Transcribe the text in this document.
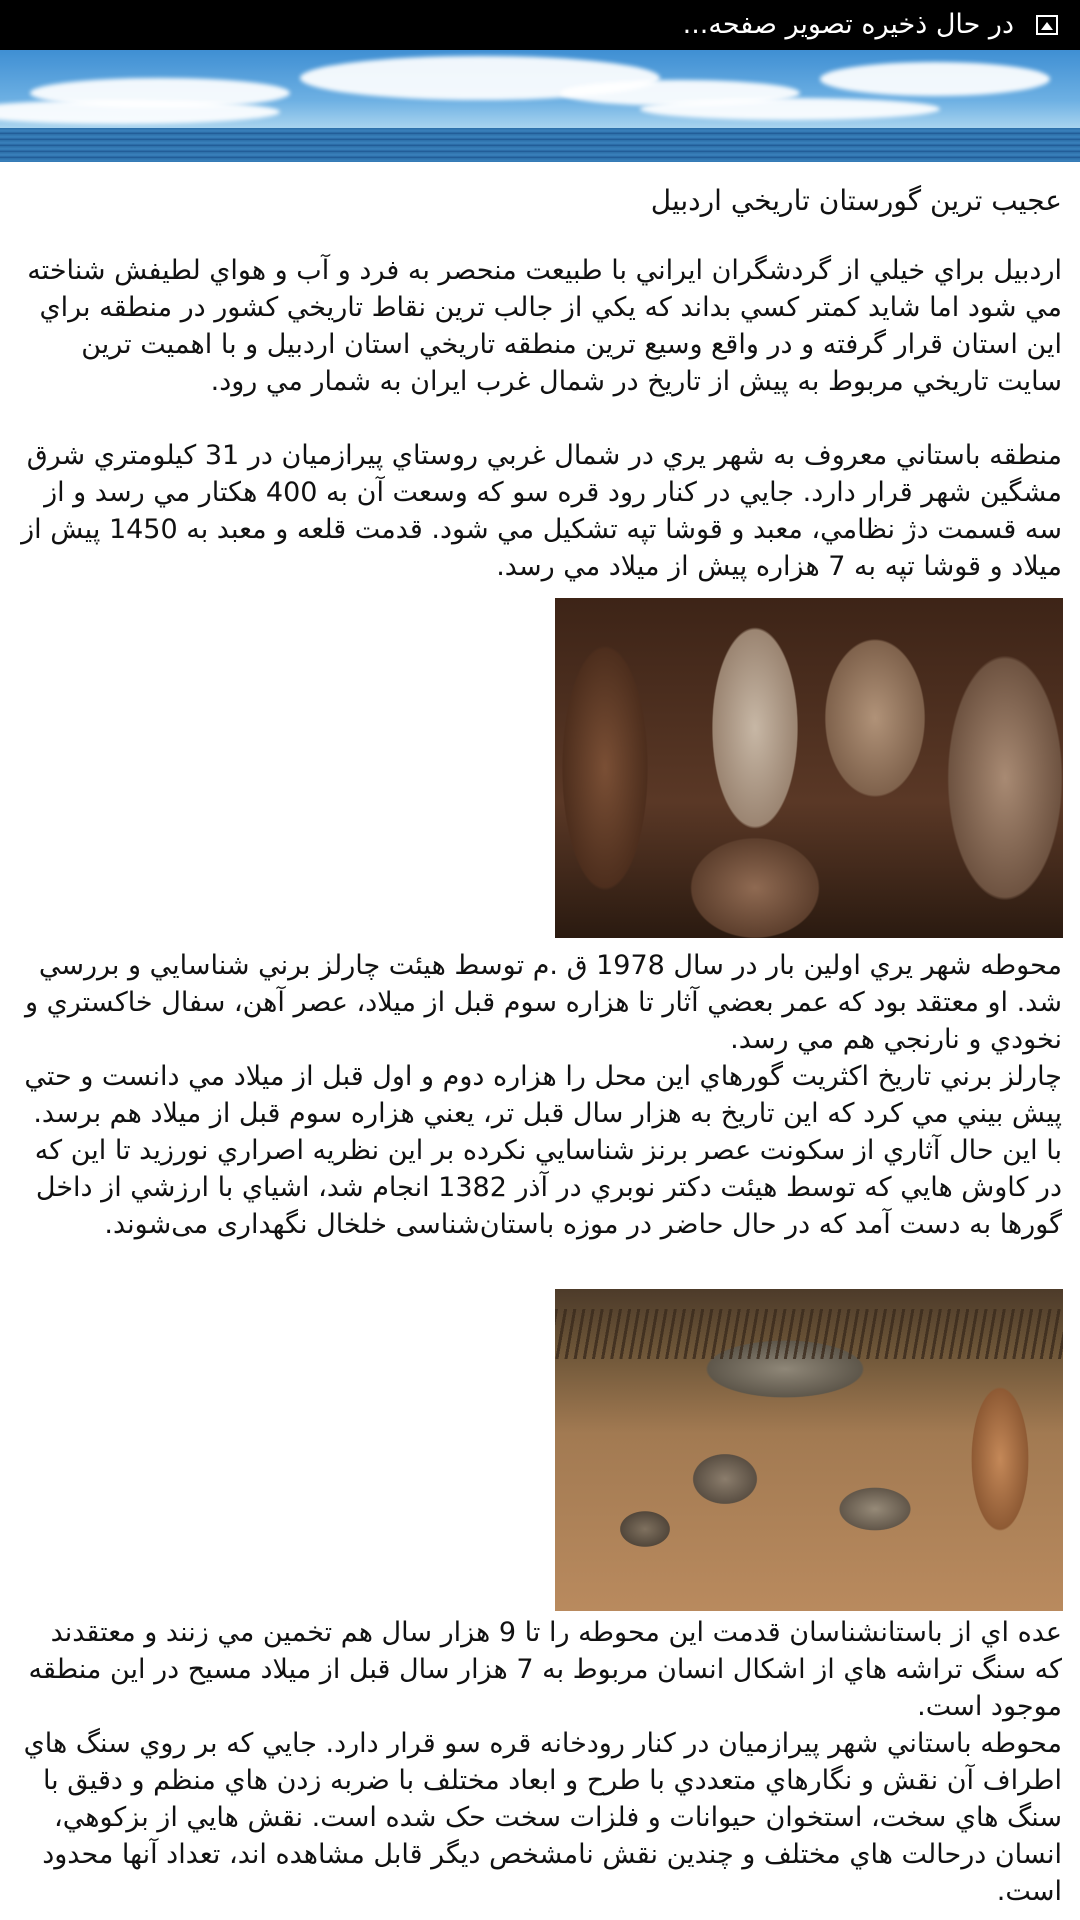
در حال ذخيره تصوير صفحه...
عجيب ترين گورستان تاريخي اردبيل

اردبيل براي خيلي از گردشگران ايراني با طبيعت منحصر به فرد و آب و هواي لطيفش شناخته مي شود اما شايد کمتر کسي بداند که يکي از جالب ترين نقاط تاريخي کشور در منطقه براي اين استان قرار گرفته و در واقع وسيع ترين منطقه تاريخي استان اردبيل و با اهميت ترين سايت تاريخي مربوط به پيش از تاريخ در شمال غرب ايران به شمار مي رود.

منطقه باستاني معروف به شهر يري در شمال غربي روستاي پيرازميان در 31 کيلومتري شرق مشگين شهر قرار دارد. جايي در کنار رود قره سو که وسعت آن به 400 هکتار مي رسد و از سه قسمت دژ نظامي، معبد و قوشا تپه تشکيل مي شود. قدمت قلعه و معبد به 1450 پيش از ميلاد و قوشا تپه به 7 هزاره پيش از ميلاد مي رسد.

محوطه شهر يري اولين بار در سال 1978 ق .م توسط هيئت چارلز برني شناسايي و بررسي شد. او معتقد بود که عمر بعضي آثار تا هزاره سوم قبل از ميلاد، عصر آهن، سفال خاکستري و نخودي و نارنجي هم مي رسد.

چارلز برني تاريخ اکثريت گورهاي اين محل را هزاره دوم و اول قبل از ميلاد مي دانست و حتي پيش بيني مي کرد که اين تاريخ به هزار سال قبل تر، يعني هزاره سوم قبل از ميلاد هم برسد. با اين حال آثاري از سکونت عصر برنز شناسايي نکرده بر اين نظريه اصراري نورزيد تا اين که در کاوش هايي که توسط هيئت دکتر نوبري در آذر 1382 انجام شد، اشياي با ارزشي از داخل گورها به دست آمد که در حال حاضر در موزه باستان‌شناسی خلخال نگهداری می‌شوند.

عده اي از باستانشناسان قدمت اين محوطه را تا 9 هزار سال هم تخمين مي زنند و معتقدند که سنگ تراشه هاي از اشکال انسان مربوط به 7 هزار سال قبل از ميلاد مسيح در اين منطقه موجود است.

محوطه باستاني شهر پيرازميان در کنار رودخانه قره سو قرار دارد. جايي که بر روي سنگ هاي اطراف آن نقش و نگارهاي متعددي با طرح و ابعاد مختلف با ضربه زدن هاي منظم و دقيق با سنگ هاي سخت، استخوان حيوانات و فلزات سخت حک شده است. نقش هايي از بزکوهي، انسان درحالت هاي مختلف و چندين نقش نامشخص ديگر قابل مشاهده اند، تعداد آنها محدود است.
